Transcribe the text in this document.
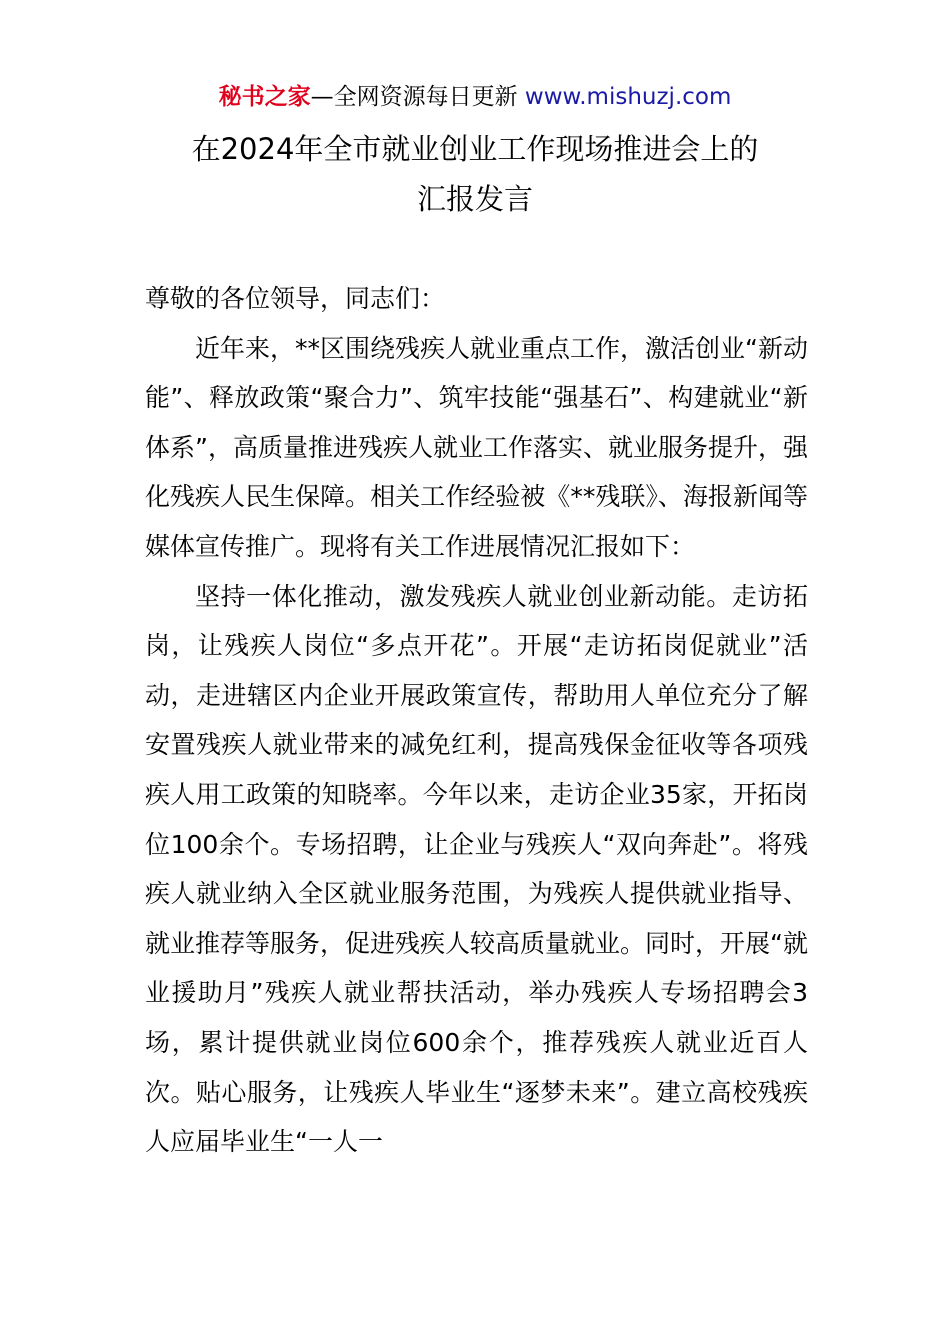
秘书之家—全网资源每日更新 www.mishuzj.com
在2024年全市就业创业工作现场推进会上的
汇报发言

尊敬的各位领导，同志们：

近年来，**区围绕残疾人就业重点工作，激活创业“新动能”、释放政策“聚合力”、筑牢技能“强基石”、构建就业“新体系”，高质量推进残疾人就业工作落实、就业服务提升，强化残疾人民生保障。相关工作经验被《**残联》、海报新闻等媒体宣传推广。现将有关工作进展情况汇报如下：

坚持一体化推动，激发残疾人就业创业新动能。走访拓岗，让残疾人岗位“多点开花”。开展“走访拓岗促就业”活动，走进辖区内企业开展政策宣传，帮助用人单位充分了解安置残疾人就业带来的减免红利，提高残保金征收等各项残疾人用工政策的知晓率。今年以来，走访企业35家，开拓岗位100余个。专场招聘，让企业与残疾人“双向奔赴”。将残疾人就业纳入全区就业服务范围，为残疾人提供就业指导、就业推荐等服务，促进残疾人较高质量就业。同时，开展“就业援助月”残疾人就业帮扶活动，举办残疾人专场招聘会3场，累计提供就业岗位600余个，推荐残疾人就业近百人次。贴心服务，让残疾人毕业生“逐梦未来”。建立高校残疾人应届毕业生“一人一
